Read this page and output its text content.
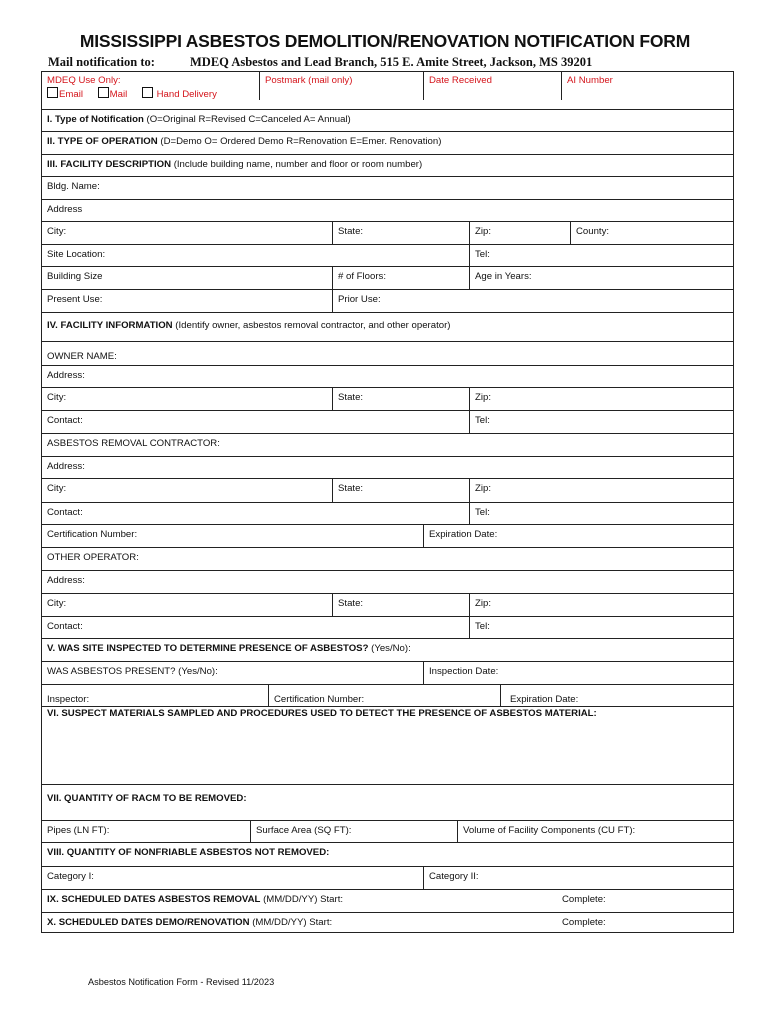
MISSISSIPPI ASBESTOS DEMOLITION/RENOVATION NOTIFICATION FORM
Mail notification to:	MDEQ Asbestos and Lead Branch, 515 E. Amite Street, Jackson, MS 39201
MDEQ Use Only:
Email	Mail	Hand Delivery
Postmark (mail only)	Date Received	AI Number
I. Type of Notification (O=Original R=Revised C=Canceled A= Annual)
II. TYPE OF OPERATION (D=Demo O= Ordered Demo R=Renovation E=Emer. Renovation)
III. FACILITY DESCRIPTION (Include building name, number and floor or room number)
Bldg. Name:
Address
City:	State:	Zip:	County:
Site Location:	Tel:
Building Size	# of Floors:	Age in Years:
Present Use:	Prior Use:
IV. FACILITY INFORMATION (Identify owner, asbestos removal contractor, and other operator)
OWNER NAME:
Address:
City:	State:	Zip:
Contact:	Tel:
ASBESTOS REMOVAL CONTRACTOR:
Address:
City:	State:	Zip:
Contact:	Tel:
Certification Number:	Expiration Date:
OTHER OPERATOR:
Address:
City:	State:	Zip:
Contact:	Tel:
V. WAS SITE INSPECTED TO DETERMINE PRESENCE OF ASBESTOS? (Yes/No):
WAS ASBESTOS PRESENT? (Yes/No):	Inspection Date:
Inspector:	Certification Number:	Expiration Date:
VI. SUSPECT MATERIALS SAMPLED AND PROCEDURES USED TO DETECT THE PRESENCE OF ASBESTOS MATERIAL:
VII. QUANTITY OF RACM TO BE REMOVED:
Pipes (LN FT):	Surface Area (SQ FT):	Volume of Facility Components (CU FT):
VIII. QUANTITY OF NONFRIABLE ASBESTOS NOT REMOVED:
Category I:	Category II:
IX. SCHEDULED DATES ASBESTOS REMOVAL (MM/DD/YY) Start:	Complete:
X. SCHEDULED DATES DEMO/RENOVATION (MM/DD/YY) Start:	Complete:
Asbestos Notification Form - Revised 11/2023
